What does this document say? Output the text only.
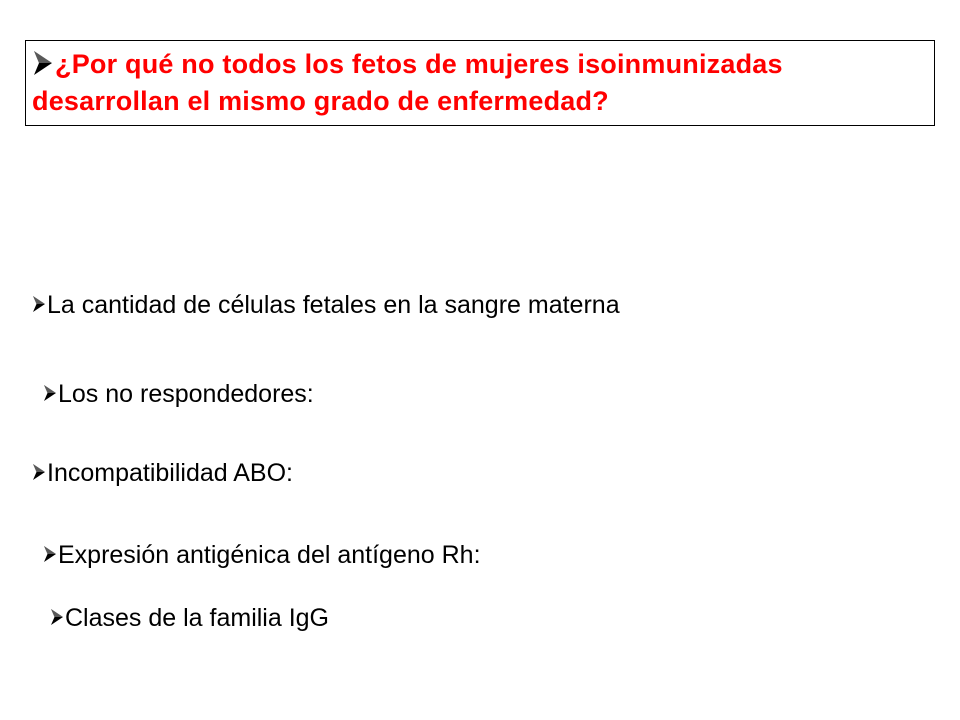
¿Por qué no todos los fetos de mujeres isoinmunizadas desarrollan el mismo grado de enfermedad?
La cantidad de células fetales en la sangre materna
Los no respondedores:
Incompatibilidad ABO:
Expresión antigénica del antígeno Rh:
Clases de la familia IgG
